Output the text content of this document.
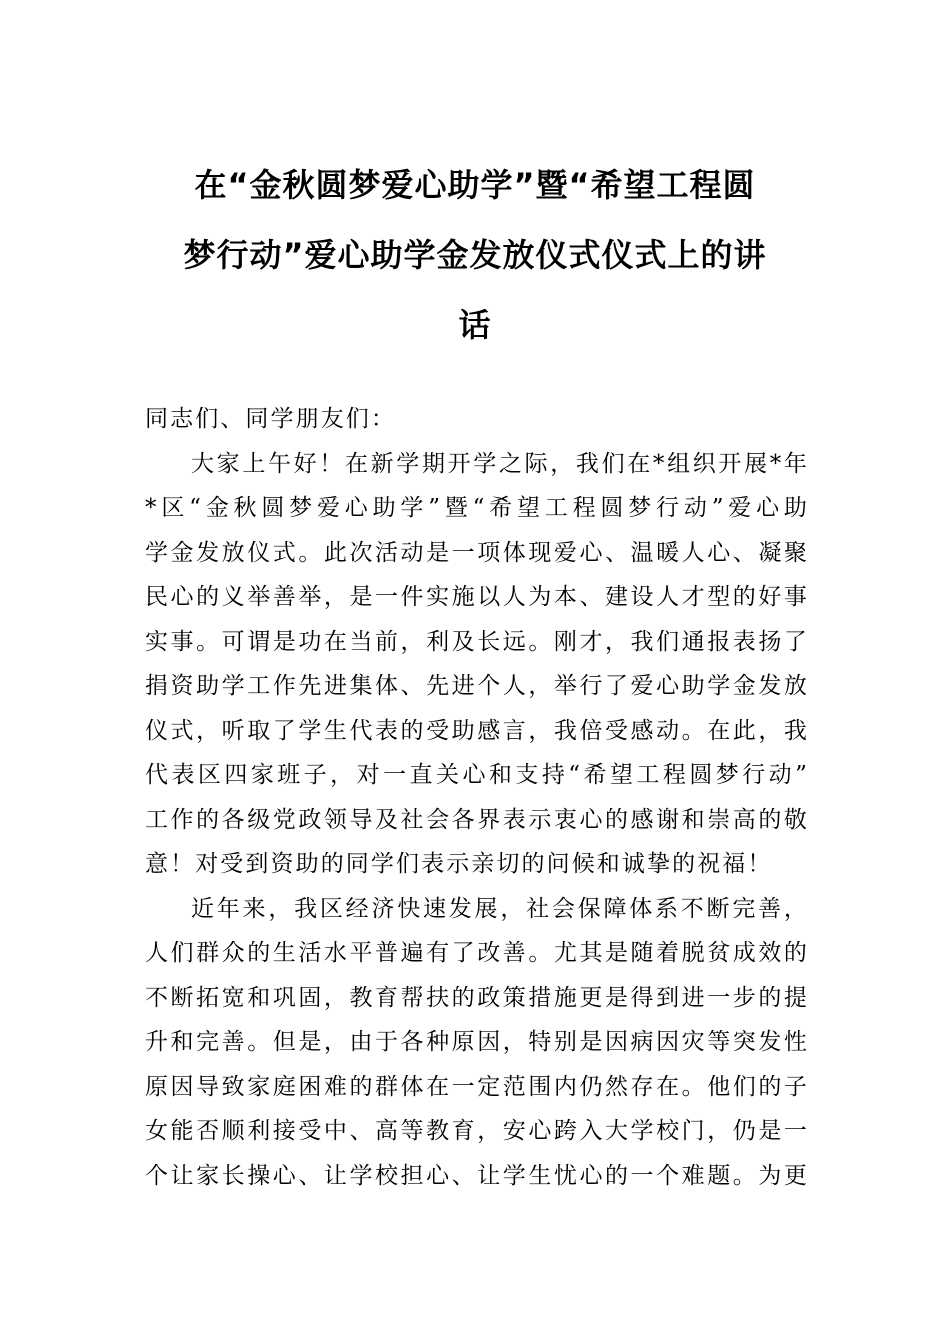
在“金秋圆梦爱心助学”暨“希望工程圆
梦行动”爱心助学金发放仪式仪式上的讲
话

同志们、同学朋友们：

大家上午好！在新学期开学之际，我们在*组织开展*年
*区“金秋圆梦爱心助学”暨“希望工程圆梦行动”爱心助
学金发放仪式。此次活动是一项体现爱心、温暖人心、凝聚
民心的义举善举，是一件实施以人为本、建设人才型的好事
实事。可谓是功在当前，利及长远。刚才，我们通报表扬了
捐资助学工作先进集体、先进个人，举行了爱心助学金发放
仪式，听取了学生代表的受助感言，我倍受感动。在此，我
代表区四家班子，对一直关心和支持“希望工程圆梦行动”
工作的各级党政领导及社会各界表示衷心的感谢和崇高的敬
意！对受到资助的同学们表示亲切的问候和诚挚的祝福！

近年来，我区经济快速发展，社会保障体系不断完善，
人们群众的生活水平普遍有了改善。尤其是随着脱贫成效的
不断拓宽和巩固，教育帮扶的政策措施更是得到进一步的提
升和完善。但是，由于各种原因，特别是因病因灾等突发性
原因导致家庭困难的群体在一定范围内仍然存在。他们的子
女能否顺利接受中、高等教育，安心跨入大学校门，仍是一
个让家长操心、让学校担心、让学生忧心的一个难题。为更
